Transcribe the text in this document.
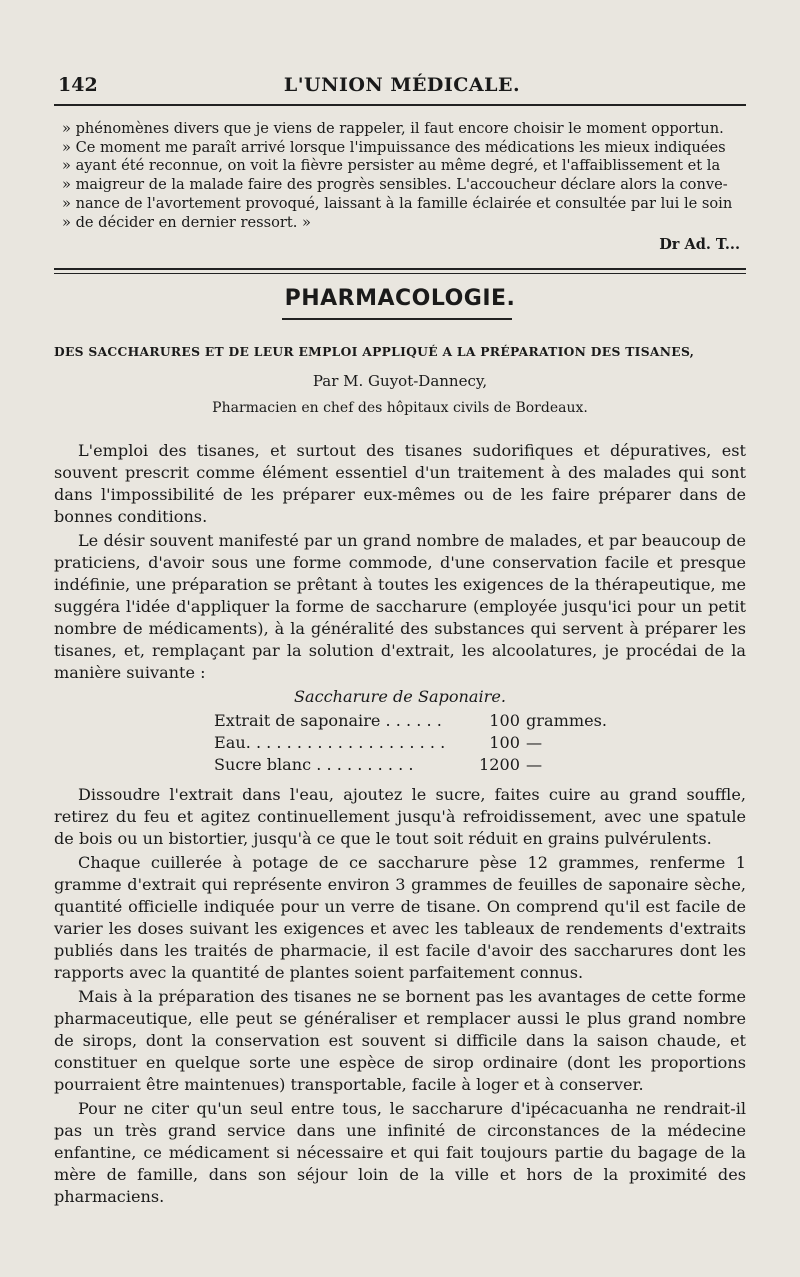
142	L'UNION MÉDICALE.

» phénomènes divers que je viens de rappeler, il faut encore choisir le moment opportun.

» Ce moment me paraît arrivé lorsque l'impuissance des médications les mieux indiquées

» ayant été reconnue, on voit la fièvre persister au même degré, et l'affaiblissement et la

» maigreur de la malade faire des progrès sensibles. L'accoucheur déclare alors la conve-

» nance de l'avortement provoqué, laissant à la famille éclairée et consultée par lui le soin

» de décider en dernier ressort. »

Dr Ad. T...
PHARMACOLOGIE.
DES SACCHARURES ET DE LEUR EMPLOI APPLIQUÉ A LA PRÉPARATION DES TISANES,
Par M. Guyot-Dannecy,
Pharmacien en chef des hôpitaux civils de Bordeaux.

L'emploi des tisanes, et surtout des tisanes sudorifiques et dépuratives, est souvent prescrit comme élément essentiel d'un traitement à des malades qui sont dans l'impossibilité de les préparer eux-mêmes ou de les faire préparer dans de bonnes conditions.

Le désir souvent manifesté par un grand nombre de malades, et par beaucoup de praticiens, d'avoir sous une forme commode, d'une conservation facile et presque indéfinie, une préparation se prêtant à toutes les exigences de la thérapeutique, me suggéra l'idée d'appliquer la forme de saccharure (employée jusqu'ici pour un petit nombre de médicaments), à la généralité des substances qui servent à préparer les tisanes, et, remplaçant par la solution d'extrait, les alcoolatures, je procédai de la manière suivante :

Saccharure de Saponaire.

Extrait de saponaire . . . . . .	100 grammes.
Eau. . . . . . . . . . . . . . . . . . . .	100 —
Sucre blanc . . . . . . . . . .	1200 —

Dissoudre l'extrait dans l'eau, ajoutez le sucre, faites cuire au grand souffle, retirez du feu et agitez continuellement jusqu'à refroidissement, avec une spatule de bois ou un bistortier, jusqu'à ce que le tout soit réduit en grains pulvérulents.

Chaque cuillerée à potage de ce saccharure pèse 12 grammes, renferme 1 gramme d'extrait qui représente environ 3 grammes de feuilles de saponaire sèche, quantité officielle indiquée pour un verre de tisane. On comprend qu'il est facile de varier les doses suivant les exigences et avec les tableaux de rendements d'extraits publiés dans les traités de pharmacie, il est facile d'avoir des saccharures dont les rapports avec la quantité de plantes soient parfaitement connus.

Mais à la préparation des tisanes ne se bornent pas les avantages de cette forme pharmaceutique, elle peut se généraliser et remplacer aussi le plus grand nombre de sirops, dont la conservation est souvent si difficile dans la saison chaude, et constituer en quelque sorte une espèce de sirop ordinaire (dont les proportions pourraient être maintenues) transportable, facile à loger et à conserver.

Pour ne citer qu'un seul entre tous, le saccharure d'ipécacuanha ne rendrait-il pas un très grand service dans une infinité de circonstances de la médecine enfantine, ce médicament si nécessaire et qui fait toujours partie du bagage de la mère de famille, dans son séjour loin de la ville et hors de la proximité des pharmaciens.
